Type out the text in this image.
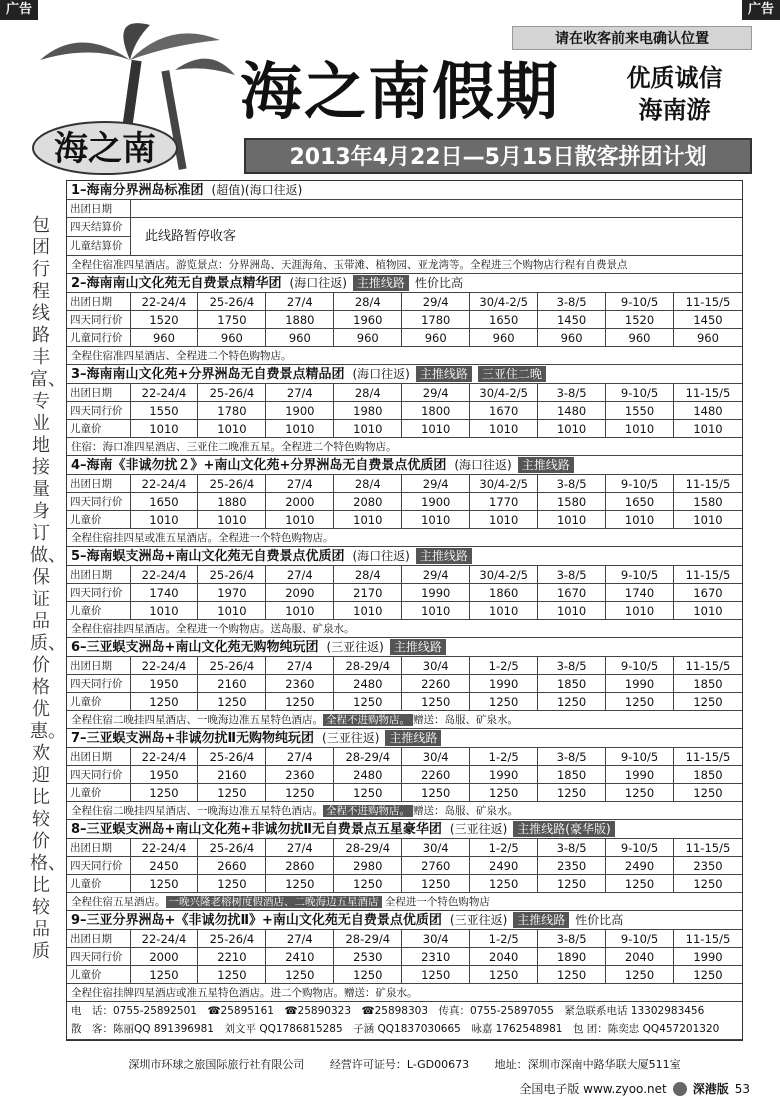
广告	广告
请在收客前来电确认位置
海之南
海之南假期	优质诚信
海南游
2013年4月22日—5月15日散客拼团计划
包团行程线路丰富、专业地接量身订做、保证品质、价格优惠。欢迎比较价格、比较品质
1–海南分界洲岛标准团 (超值)(海口往返)
出团日期
四天结算价
儿童结算价
此线路暂停收客
全程住宿准四星酒店。游览景点：分界洲岛、天涯海角、玉带滩、植物园、亚龙湾等。全程进三个购物店行程有自费景点
2–海南南山文化苑无自费景点精华团 (海口往返) 主推线路 性价比高
出团日期	22-24/4	25-26/4	27/4	28/4	29/4	30/4-2/5	3-8/5	9-10/5	11-15/5
四天同行价	1520	1750	1880	1960	1780	1650	1450	1520	1450
儿童同行价	960	960	960	960	960	960	960	960	960
全程住宿准四星酒店、全程进二个特色购物店。
3–海南南山文化苑+分界洲岛无自费景点精品团 (海口往返) 主推线路 三亚住二晚
出团日期	22-24/4	25-26/4	27/4	28/4	29/4	30/4-2/5	3-8/5	9-10/5	11-15/5
四天同行价	1550	1780	1900	1980	1800	1670	1480	1550	1480
儿童价	1010	1010	1010	1010	1010	1010	1010	1010	1010
住宿：海口准四星酒店、三亚住二晚准五星。全程进二个特色购物店。
4–海南《非诚勿扰２》+南山文化苑+分界洲岛无自费景点优质团 (海口往返) 主推线路
出团日期	22-24/4	25-26/4	27/4	28/4	29/4	30/4-2/5	3-8/5	9-10/5	11-15/5
四天同行价	1650	1880	2000	2080	1900	1770	1580	1650	1580
儿童价	1010	1010	1010	1010	1010	1010	1010	1010	1010
全程住宿挂四星或准五星酒店。全程进一个特色购物店。
5–海南蜈支洲岛+南山文化苑无自费景点优质团 (海口往返) 主推线路
出团日期	22-24/4	25-26/4	27/4	28/4	29/4	30/4-2/5	3-8/5	9-10/5	11-15/5
四天同行价	1740	1970	2090	2170	1990	1860	1670	1740	1670
儿童价	1010	1010	1010	1010	1010	1010	1010	1010	1010
全程住宿挂四星酒店。全程进一个购物店。送岛服、矿泉水。
6–三亚蜈支洲岛+南山文化苑无购物纯玩团 (三亚往返) 主推线路
出团日期	22-24/4	25-26/4	27/4	28-29/4	30/4	1-2/5	3-8/5	9-10/5	11-15/5
四天同行价	1950	2160	2360	2480	2260	1990	1850	1990	1850
儿童价	1250	1250	1250	1250	1250	1250	1250	1250	1250
全程住宿二晚挂四星酒店、一晚海边准五星特色酒店。 全程不进购物店。 赠送：岛服、矿泉水。
7–三亚蜈支洲岛+非诚勿扰Ⅱ无购物纯玩团 (三亚往返) 主推线路
出团日期	22-24/4	25-26/4	27/4	28-29/4	30/4	1-2/5	3-8/5	9-10/5	11-15/5
四天同行价	1950	2160	2360	2480	2260	1990	1850	1990	1850
儿童价	1250	1250	1250	1250	1250	1250	1250	1250	1250
全程住宿二晚挂四星酒店、一晚海边准五星特色酒店。 全程不进购物店。 赠送：岛服、矿泉水。
8–三亚蜈支洲岛+南山文化苑+非诚勿扰Ⅱ无自费景点五星豪华团 (三亚往返) 主推线路(豪华版)
出团日期	22-24/4	25-26/4	27/4	28-29/4	30/4	1-2/5	3-8/5	9-10/5	11-15/5
四天同行价	2450	2660	2860	2980	2760	2490	2350	2490	2350
儿童价	1250	1250	1250	1250	1250	1250	1250	1250	1250
全程住宿五星酒店。 一晚兴隆老榕树度假酒店、二晚海边五星酒店 全程进一个特色购物店
9–三亚分界洲岛+《非诚勿扰Ⅱ》+南山文化苑无自费景点优质团 (三亚往返) 主推线路 性价比高
出团日期	22-24/4	25-26/4	27/4	28-29/4	30/4	1-2/5	3-8/5	9-10/5	11-15/5
四天同行价	2000	2210	2410	2530	2310	2040	1890	2040	1990
儿童价	1250	1250	1250	1250	1250	1250	1250	1250	1250
全程住宿挂牌四星酒店或准五星特色酒店。进二个购物店。赠送：矿泉水。
电　话：0755-25892501　☎25895161　☎25890323　☎25898303　传真：0755-25897055　紧急联系电话 13302983456
散　客：陈丽QQ 891396981　刘文平 QQ1786815285　子涵 QQ1837030665　咏嘉 1762548981　包 团：陈奕忠 QQ457201320
深圳市环球之旅国际旅行社有限公司　　 经营许可证号：L-GD00673　　 地址：深圳市深南中路华联大厦511室
全国电子版 www.zyoo.net 深港版 53
